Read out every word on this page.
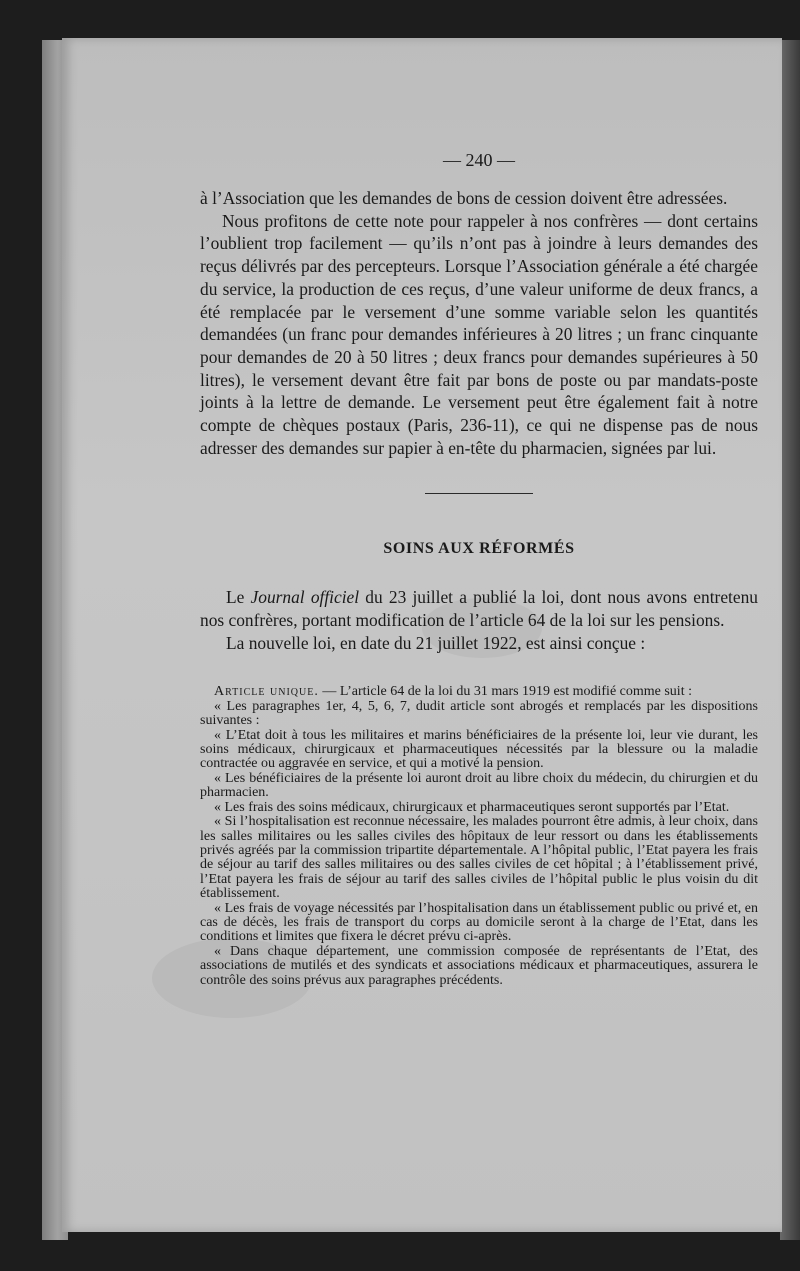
— 240 —

à l’Association que les demandes de bons de cession doivent être adressées.

Nous profitons de cette note pour rappeler à nos confrères — dont certains l’oublient trop facilement — qu’ils n’ont pas à joindre à leurs demandes des reçus délivrés par des percepteurs. Lorsque l’Association générale a été chargée du service, la production de ces reçus, d’une valeur uniforme de deux francs, a été remplacée par le versement d’une somme variable selon les quantités demandées (un franc pour demandes inférieures à 20 litres ; un franc cinquante pour demandes de 20 à 50 litres ; deux francs pour demandes supérieures à 50 litres), le versement devant être fait par bons de poste ou par mandats-poste joints à la lettre de demande. Le versement peut être également fait à notre compte de chèques postaux (Paris, 236-11), ce qui ne dispense pas de nous adresser des demandes sur papier à en-tête du pharmacien, signées par lui.

SOINS AUX RÉFORMÉS

Le Journal officiel du 23 juillet a publié la loi, dont nous avons entretenu nos confrères, portant modification de l’article 64 de la loi sur les pensions.

La nouvelle loi, en date du 21 juillet 1922, est ainsi conçue :

Article unique. — L’article 64 de la loi du 31 mars 1919 est modifié comme suit :

« Les paragraphes 1er, 4, 5, 6, 7, dudit article sont abrogés et remplacés par les dispositions suivantes :

« L’Etat doit à tous les militaires et marins bénéficiaires de la présente loi, leur vie durant, les soins médicaux, chirurgicaux et pharmaceutiques nécessités par la blessure ou la maladie contractée ou aggravée en service, et qui a motivé la pension.

« Les bénéficiaires de la présente loi auront droit au libre choix du médecin, du chirurgien et du pharmacien.

« Les frais des soins médicaux, chirurgicaux et pharmaceutiques seront supportés par l’Etat.

« Si l’hospitalisation est reconnue nécessaire, les malades pourront être admis, à leur choix, dans les salles militaires ou les salles civiles des hôpitaux de leur ressort ou dans les établissements privés agréés par la commission tripartite départementale. A l’hôpital public, l’Etat payera les frais de séjour au tarif des salles militaires ou des salles civiles de cet hôpital ; à l’établissement privé, l’Etat payera les frais de séjour au tarif des salles civiles de l’hôpital public le plus voisin du dit établissement.

« Les frais de voyage nécessités par l’hospitalisation dans un établissement public ou privé et, en cas de décès, les frais de transport du corps au domicile seront à la charge de l’Etat, dans les conditions et limites que fixera le décret prévu ci-après.

« Dans chaque département, une commission composée de représentants de l’Etat, des associations de mutilés et des syndicats et associations médicaux et pharmaceutiques, assurera le contrôle des soins prévus aux paragraphes précédents.
